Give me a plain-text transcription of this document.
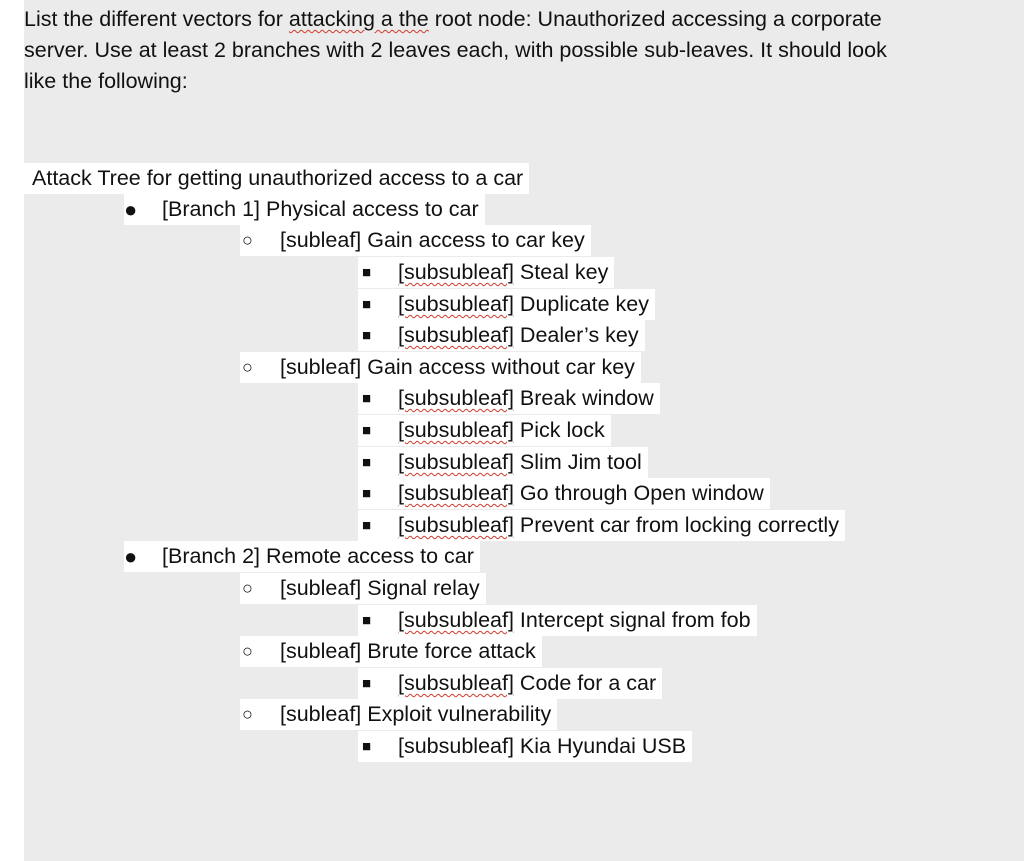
List the different vectors for attacking a the root node: Unauthorized accessing a corporate
server. Use at least 2 branches with 2 leaves each, with possible sub-leaves. It should look
like the following:

Attack Tree for getting unauthorized access to a car
● [Branch 1] Physical access to car
○ [subleaf] Gain access to car key
■ [subsubleaf] Steal key
■ [subsubleaf] Duplicate key
■ [subsubleaf] Dealer’s key
○ [subleaf] Gain access without car key
■ [subsubleaf] Break window
■ [subsubleaf] Pick lock
■ [subsubleaf] Slim Jim tool
■ [subsubleaf] Go through Open window
■ [subsubleaf] Prevent car from locking correctly
● [Branch 2] Remote access to car
○ [subleaf] Signal relay
■ [subsubleaf] Intercept signal from fob
○ [subleaf] Brute force attack
■ [subsubleaf] Code for a car
○ [subleaf] Exploit vulnerability
■ [subsubleaf] Kia Hyundai USB
